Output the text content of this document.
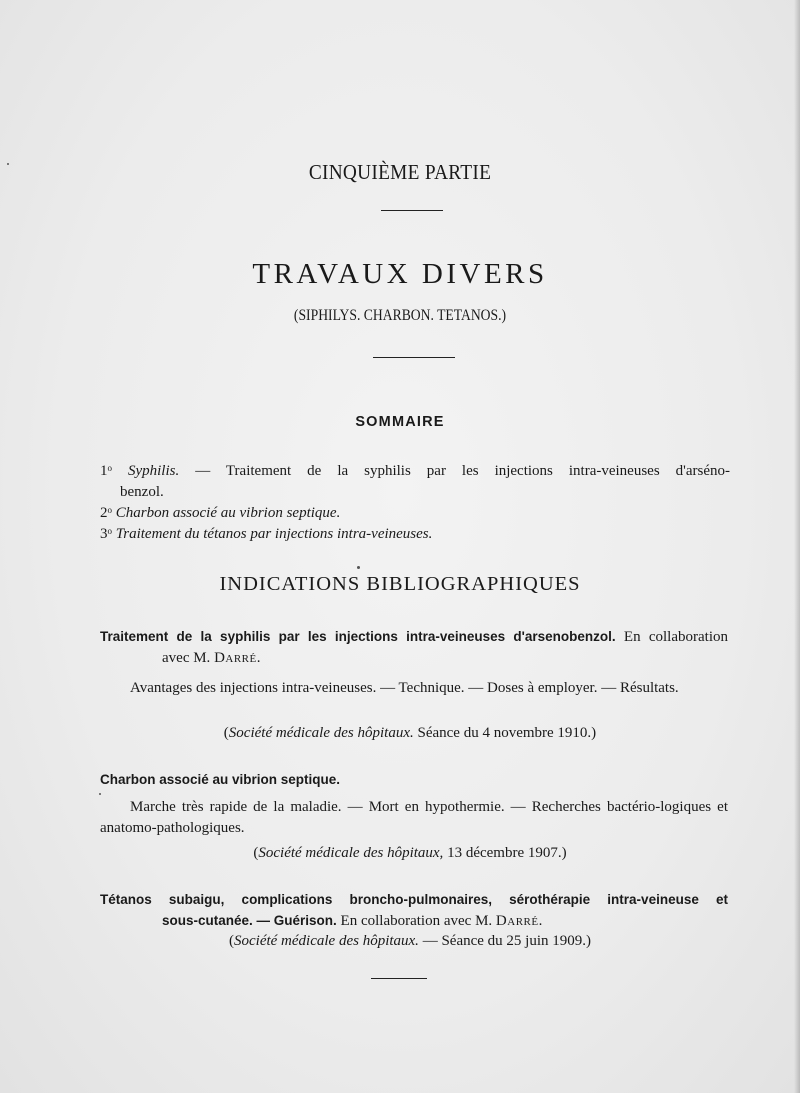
CINQUIÈME PARTIE
TRAVAUX DIVERS
(SIPHILYS. CHARBON. TETANOS.)
SOMMAIRE
1$^o$ Syphilis. — Traitement de la syphilis par les injections intra-veineuses d'arséno-
benzol.
2$^o$ Charbon associé au vibrion septique.
3$^o$ Traitement du tétanos par injections intra-veineuses.
INDICATIONS BIBLIOGRAPHIQUES
Traitement de la syphilis par les injections intra-veineuses d'arsenobenzol. En collaboration
avec M. Darré.
Avantages des injections intra-veineuses. — Technique. — Doses à employer. — Résultats.
(Société médicale des hôpitaux. Séance du 4 novembre 1910.)
Charbon associé au vibrion septique.
Marche très rapide de la maladie. — Mort en hypothermie. — Recherches bactério-logiques et anatomo-pathologiques.
(Société médicale des hôpitaux, 13 décembre 1907.)
Tétanos subaigu, complications broncho-pulmonaires, sérothérapie intra-veineuse et
sous-cutanée. — Guérison. En collaboration avec M. Darré.
(Société médicale des hôpitaux. — Séance du 25 juin 1909.)
